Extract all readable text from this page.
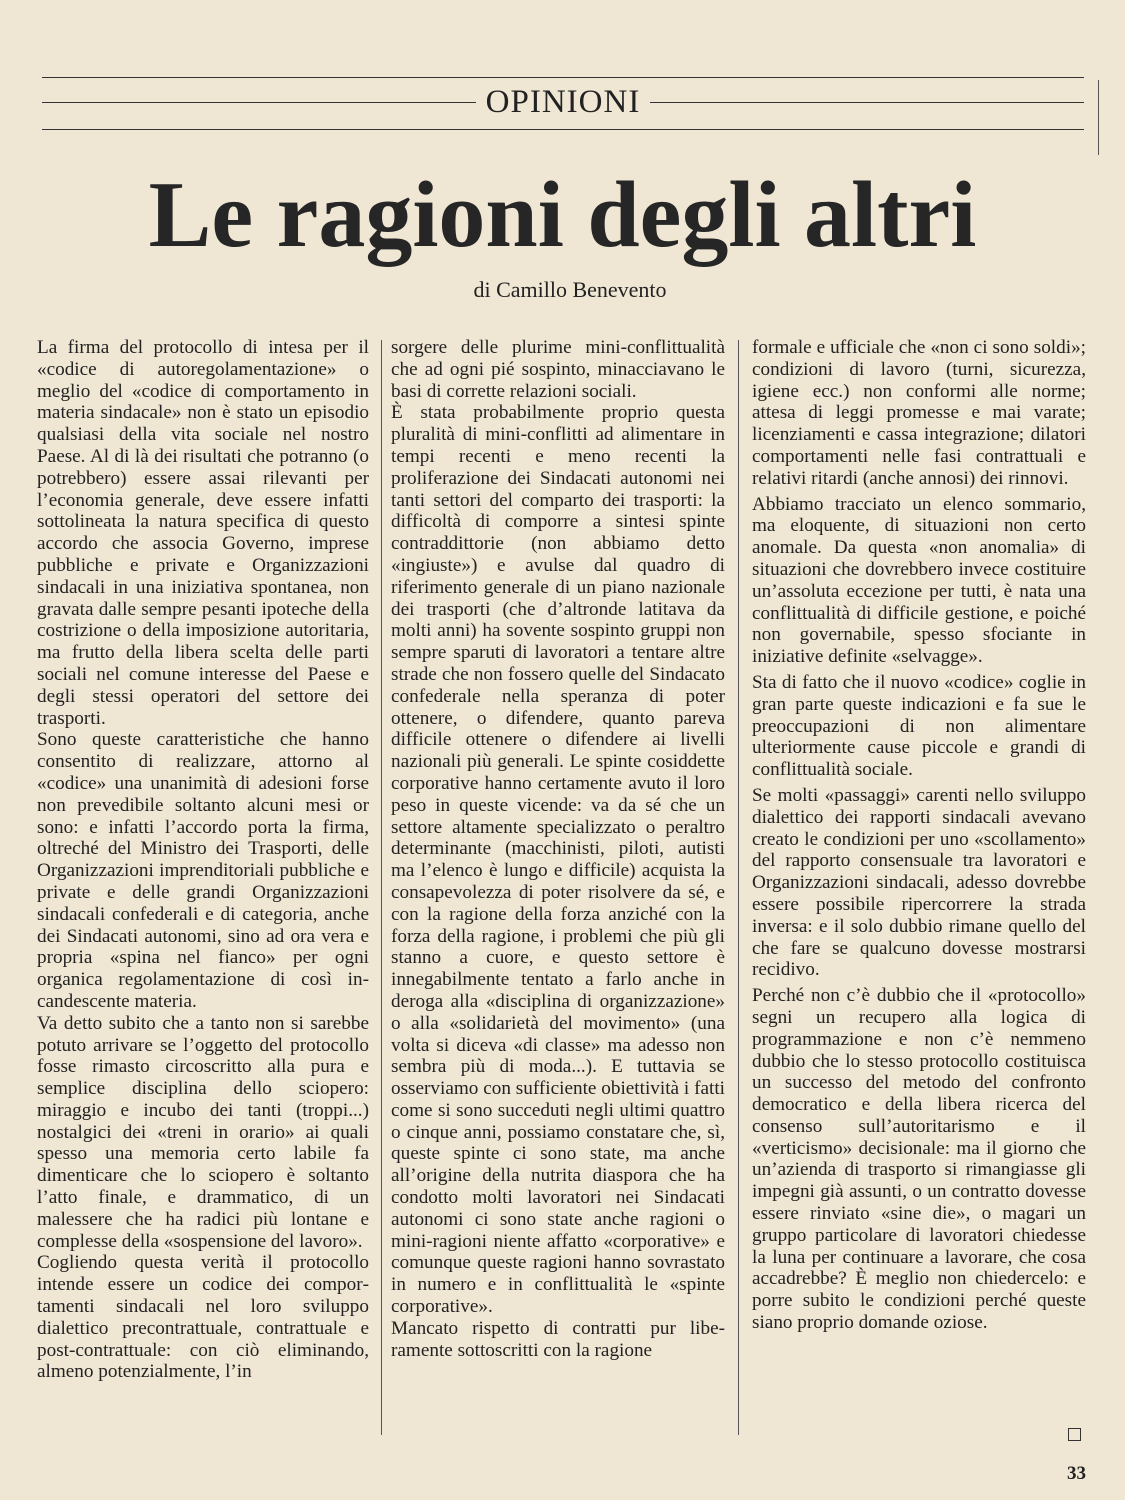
OPINIONI
Le ragioni degli altri
di Camillo Benevento

La firma del protocollo di intesa per il «codice di autoregolamentazione» o meglio del «codice di comportamento in materia sindacale» non è stato un episodio qualsiasi della vita sociale nel nostro Paese. Al di là dei risultati che potranno (o potrebbero) essere assai rilevanti per l’economia generale, deve essere infatti sottolineata la natura specifica di questo accordo che associa Governo, imprese pubbliche e private e Organizzazioni sindacali in una iniziativa spontanea, non gravata dalle sempre pesanti ipoteche della costrizione o della imposizione autoritaria, ma frutto della libera scelta delle parti sociali nel comune interesse del Paese e degli stessi operatori del settore dei trasporti.

Sono queste caratteristiche che hanno consentito di realizzare, attorno al «codice» una unanimità di adesioni forse non prevedibile soltanto alcuni mesi or sono: e infatti l’accordo porta la firma, oltreché del Ministro dei Trasporti, delle Organizzazioni imprenditoriali pubbliche e private e delle grandi Organizzazioni sindacali confederali e di categoria, anche dei Sindacati autonomi, sino ad ora vera e propria «spina nel fianco» per ogni organica regolamentazione di così incandescente materia.

Va detto subito che a tanto non si sarebbe potuto arrivare se l’oggetto del protocollo fosse rimasto circoscritto alla pura e semplice disciplina dello sciopero: miraggio e incubo dei tanti (troppi...) nostalgici dei «treni in orario» ai quali spesso una memoria certo labile fa dimenticare che lo sciopero è soltanto l’atto finale, e drammatico, di un malessere che ha radici più lontane e complesse della «sospensione del lavoro».

Cogliendo questa verità il protocollo intende essere un codice dei comportamenti sindacali nel loro sviluppo dialettico precontrattuale, contrattuale e post-contrattuale: con ciò eliminando, almeno potenzialmente, l’in

sorgere delle plurime mini-conflittualità che ad ogni pié sospinto, minacciavano le basi di corrette relazioni sociali.

È stata probabilmente proprio questa pluralità di mini-conflitti ad alimentare in tempi recenti e meno recenti la proliferazione dei Sindacati autonomi nei tanti settori del comparto dei trasporti: la difficoltà di comporre a sintesi spinte contraddittorie (non abbiamo detto «ingiuste») e avulse dal quadro di riferimento generale di un piano nazionale dei trasporti (che d’altronde latitava da molti anni) ha sovente sospinto gruppi non sempre sparuti di lavoratori a tentare altre strade che non fossero quelle del Sindacato confederale nella speranza di poter ottenere, o difendere, quanto pareva difficile ottenere o difendere ai livelli nazionali più generali. Le spinte cosiddette corporative hanno certamente avuto il loro peso in queste vicende: va da sé che un settore altamente specializzato o peraltro determinante (macchinisti, piloti, autisti ma l’elenco è lungo e difficile) acquista la consapevolezza di poter risolvere da sé, e con la ragione della forza anziché con la forza della ragione, i problemi che più gli stanno a cuore, e questo settore è innegabilmente tentato a farlo anche in deroga alla «disciplina di organizzazione» o alla «solidarietà del movimento» (una volta si diceva «di classe» ma adesso non sembra più di moda...). E tuttavia se osserviamo con sufficiente obiettività i fatti come si sono succeduti negli ultimi quattro o cinque anni, possiamo constatare che, sì, queste spinte ci sono state, ma anche all’origine della nutrita diaspora che ha condotto molti lavoratori nei Sindacati autonomi ci sono state anche ragioni o mini-ragioni niente affatto «corporative» e comunque queste ragioni hanno sovrastato in numero e in conflittualità le «spinte corporative».

Mancato rispetto di contratti pur liberamente sottoscritti con la ragione

formale e ufficiale che «non ci sono soldi»; condizioni di lavoro (turni, sicurezza, igiene ecc.) non conformi alle norme; attesa di leggi promesse e mai varate; licenziamenti e cassa integrazione; dilatori comportamenti nelle fasi contrattuali e relativi ritardi (anche annosi) dei rinnovi.

Abbiamo tracciato un elenco sommario, ma eloquente, di situazioni non certo anomale. Da questa «non anomalia» di situazioni che dovrebbero invece costituire un’assoluta eccezione per tutti, è nata una conflittualità di difficile gestione, e poiché non governabile, spesso sfociante in iniziative definite «selvagge».

Sta di fatto che il nuovo «codice» coglie in gran parte queste indicazioni e fa sue le preoccupazioni di non alimentare ulteriormente cause piccole e grandi di conflittualità sociale.

Se molti «passaggi» carenti nello sviluppo dialettico dei rapporti sindacali avevano creato le condizioni per uno «scollamento» del rapporto consensuale tra lavoratori e Organizzazioni sindacali, adesso dovrebbe essere possibile ripercorrere la strada inversa: e il solo dubbio rimane quello del che fare se qualcuno dovesse mostrarsi recidivo.

Perché non c’è dubbio che il «protocollo» segni un recupero alla logica di programmazione e non c’è nemmeno dubbio che lo stesso protocollo costituisca un successo del metodo del confronto democratico e della libera ricerca del consenso sull’autoritarismo e il «verticismo» decisionale: ma il giorno che un’azienda di trasporto si rimangiasse gli impegni già assunti, o un contratto dovesse essere rinviato «sine die», o magari un gruppo particolare di lavoratori chiedesse la luna per continuare a lavorare, che cosa accadrebbe? È meglio non chiedercelo: e porre subito le condizioni perché queste siano proprio domande oziose.

33
